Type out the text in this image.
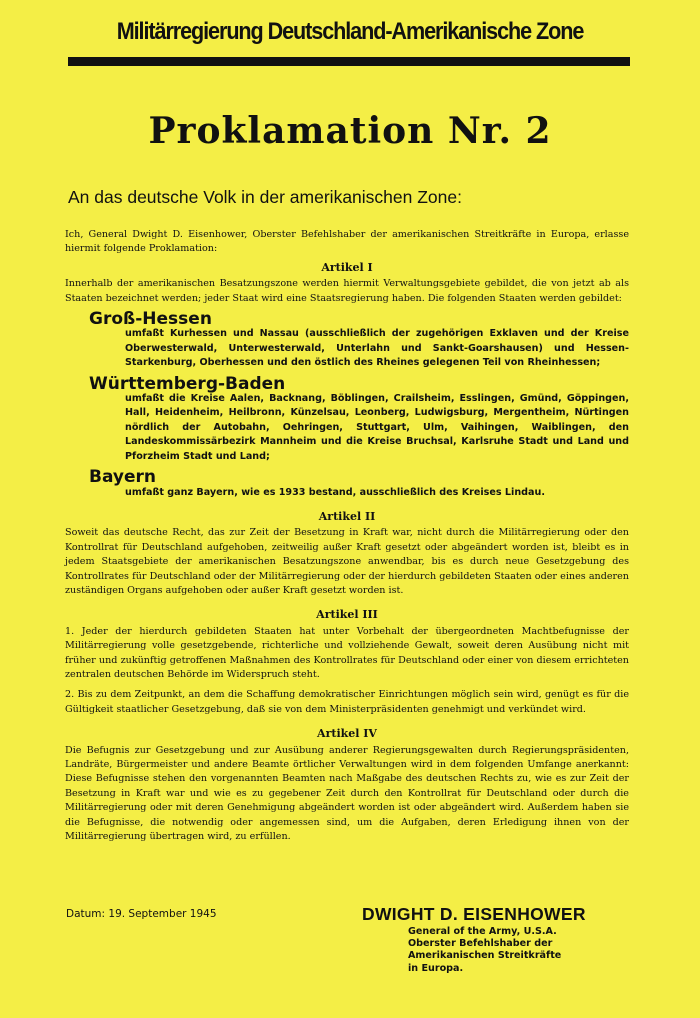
Militärregierung Deutschland-Amerikanische Zone
Proklamation Nr. 2
An das deutsche Volk in der amerikanischen Zone:

Ich, General Dwight D. Eisenhower, Oberster Befehlshaber der amerikanischen Streitkräfte in Europa, erlasse hiermit folgende Proklamation:

Artikel I

Innerhalb der amerikanischen Besatzungszone werden hiermit Verwaltungsgebiete gebildet, die von jetzt ab als Staaten bezeichnet werden; jeder Staat wird eine Staatsregierung haben. Die folgenden Staaten werden gebildet:

Groß-Hessen
umfaßt Kurhessen und Nassau (ausschließlich der zugehörigen Exklaven und der Kreise Oberwesterwald, Unterwesterwald, Unterlahn und Sankt-Goarshausen) und Hessen-Starkenburg, Oberhessen und den östlich des Rheines gelegenen Teil von Rheinhessen;
Württemberg-Baden
umfaßt die Kreise Aalen, Backnang, Böblingen, Crailsheim, Esslingen, Gmünd, Göppingen, Hall, Heidenheim, Heilbronn, Künzelsau, Leonberg, Ludwigsburg, Mergentheim, Nürtingen nördlich der Autobahn, Oehringen, Stuttgart, Ulm, Vaihingen, Waiblingen, den Landeskommissärbezirk Mannheim und die Kreise Bruchsal, Karlsruhe Stadt und Land und Pforzheim Stadt und Land;
Bayern
umfaßt ganz Bayern, wie es 1933 bestand, ausschließlich des Kreises Lindau.
Artikel II

Soweit das deutsche Recht, das zur Zeit der Besetzung in Kraft war, nicht durch die Militärregierung oder den Kontrollrat für Deutschland aufgehoben, zeitweilig außer Kraft gesetzt oder abgeändert worden ist, bleibt es in jedem Staatsgebiete der amerikanischen Besatzungszone anwendbar, bis es durch neue Gesetzgebung des Kontrollrates für Deutschland oder der Militärregierung oder der hierdurch gebildeten Staaten oder eines anderen zuständigen Organs aufgehoben oder außer Kraft gesetzt worden ist.

Artikel III

1. Jeder der hierdurch gebildeten Staaten hat unter Vorbehalt der übergeordneten Machtbefugnisse der Militärregierung volle gesetzgebende, richterliche und vollziehende Gewalt, soweit deren Ausübung nicht mit früher und zukünftig getroffenen Maßnahmen des Kontrollrates für Deutschland oder einer von diesem errichteten zentralen deutschen Behörde im Widerspruch steht.

2. Bis zu dem Zeitpunkt, an dem die Schaffung demokratischer Einrichtungen möglich sein wird, genügt es für die Gültigkeit staatlicher Gesetzgebung, daß sie von dem Ministerpräsidenten genehmigt und verkündet wird.

Artikel IV

Die Befugnis zur Gesetzgebung und zur Ausübung anderer Regierungsgewalten durch Regierungspräsidenten, Landräte, Bürgermeister und andere Beamte örtlicher Verwaltungen wird in dem folgenden Umfange anerkannt: Diese Befugnisse stehen den vorgenannten Beamten nach Maßgabe des deutschen Rechts zu, wie es zur Zeit der Besetzung in Kraft war und wie es zu gegebener Zeit durch den Kontrollrat für Deutschland oder durch die Militärregierung oder mit deren Genehmigung abgeändert worden ist oder abgeändert wird. Außerdem haben sie die Befugnisse, die notwendig oder angemessen sind, um die Aufgaben, deren Erledigung ihnen von der Militärregierung übertragen wird, zu erfüllen.

Datum: 19. September 1945	DWIGHT D. EISENHOWER
General of the Army, U.S.A.
Oberster Befehlshaber der
Amerikanischen Streitkräfte
in Europa.
